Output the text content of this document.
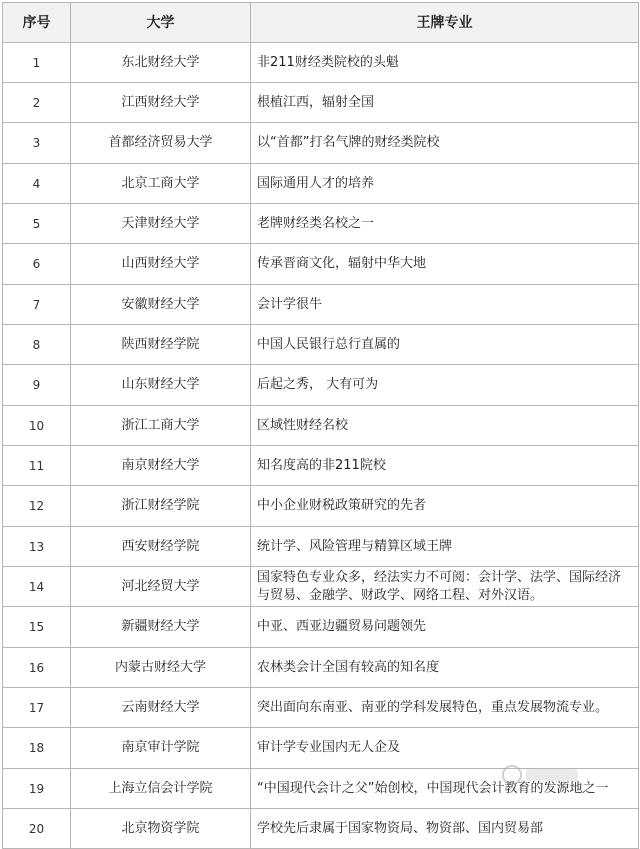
序号	大学	王牌专业
1	东北财经大学	非211财经类院校的头魁
2	江西财经大学	根植江西，辐射全国
3	首都经济贸易大学	以“首都”打名气牌的财经类院校
4	北京工商大学	国际通用人才的培养
5	天津财经大学	老牌财经类名校之一
6	山西财经大学	传承晋商文化，辐射中华大地
7	安徽财经大学	会计学很牛
8	陕西财经学院	中国人民银行总行直属的
9	山东财经大学	后起之秀， 大有可为
10	浙江工商大学	区域性财经名校
11	南京财经大学	知名度高的非211院校
12	浙江财经学院	中小企业财税政策研究的先者
13	西安财经学院	统计学、风险管理与精算区域王牌
14	河北经贸大学	国家特色专业众多，经法实力不可阅：会计学、法学、国际经济与贸易、金融学、财政学、网络工程、对外汉语。
15	新疆财经大学	中亚、西亚边疆贸易问题领先
16	内蒙古财经大学	农林类会计全国有较高的知名度
17	云南财经大学	突出面向东南亚、南亚的学科发展特色，重点发展物流专业。
18	南京审计学院	审计学专业国内无人企及
19	上海立信会计学院	“中国现代会计之父”始创校，中国现代会计教育的发源地之一
20	北京物资学院	学校先后隶属于国家物资局、物资部、国内贸易部
